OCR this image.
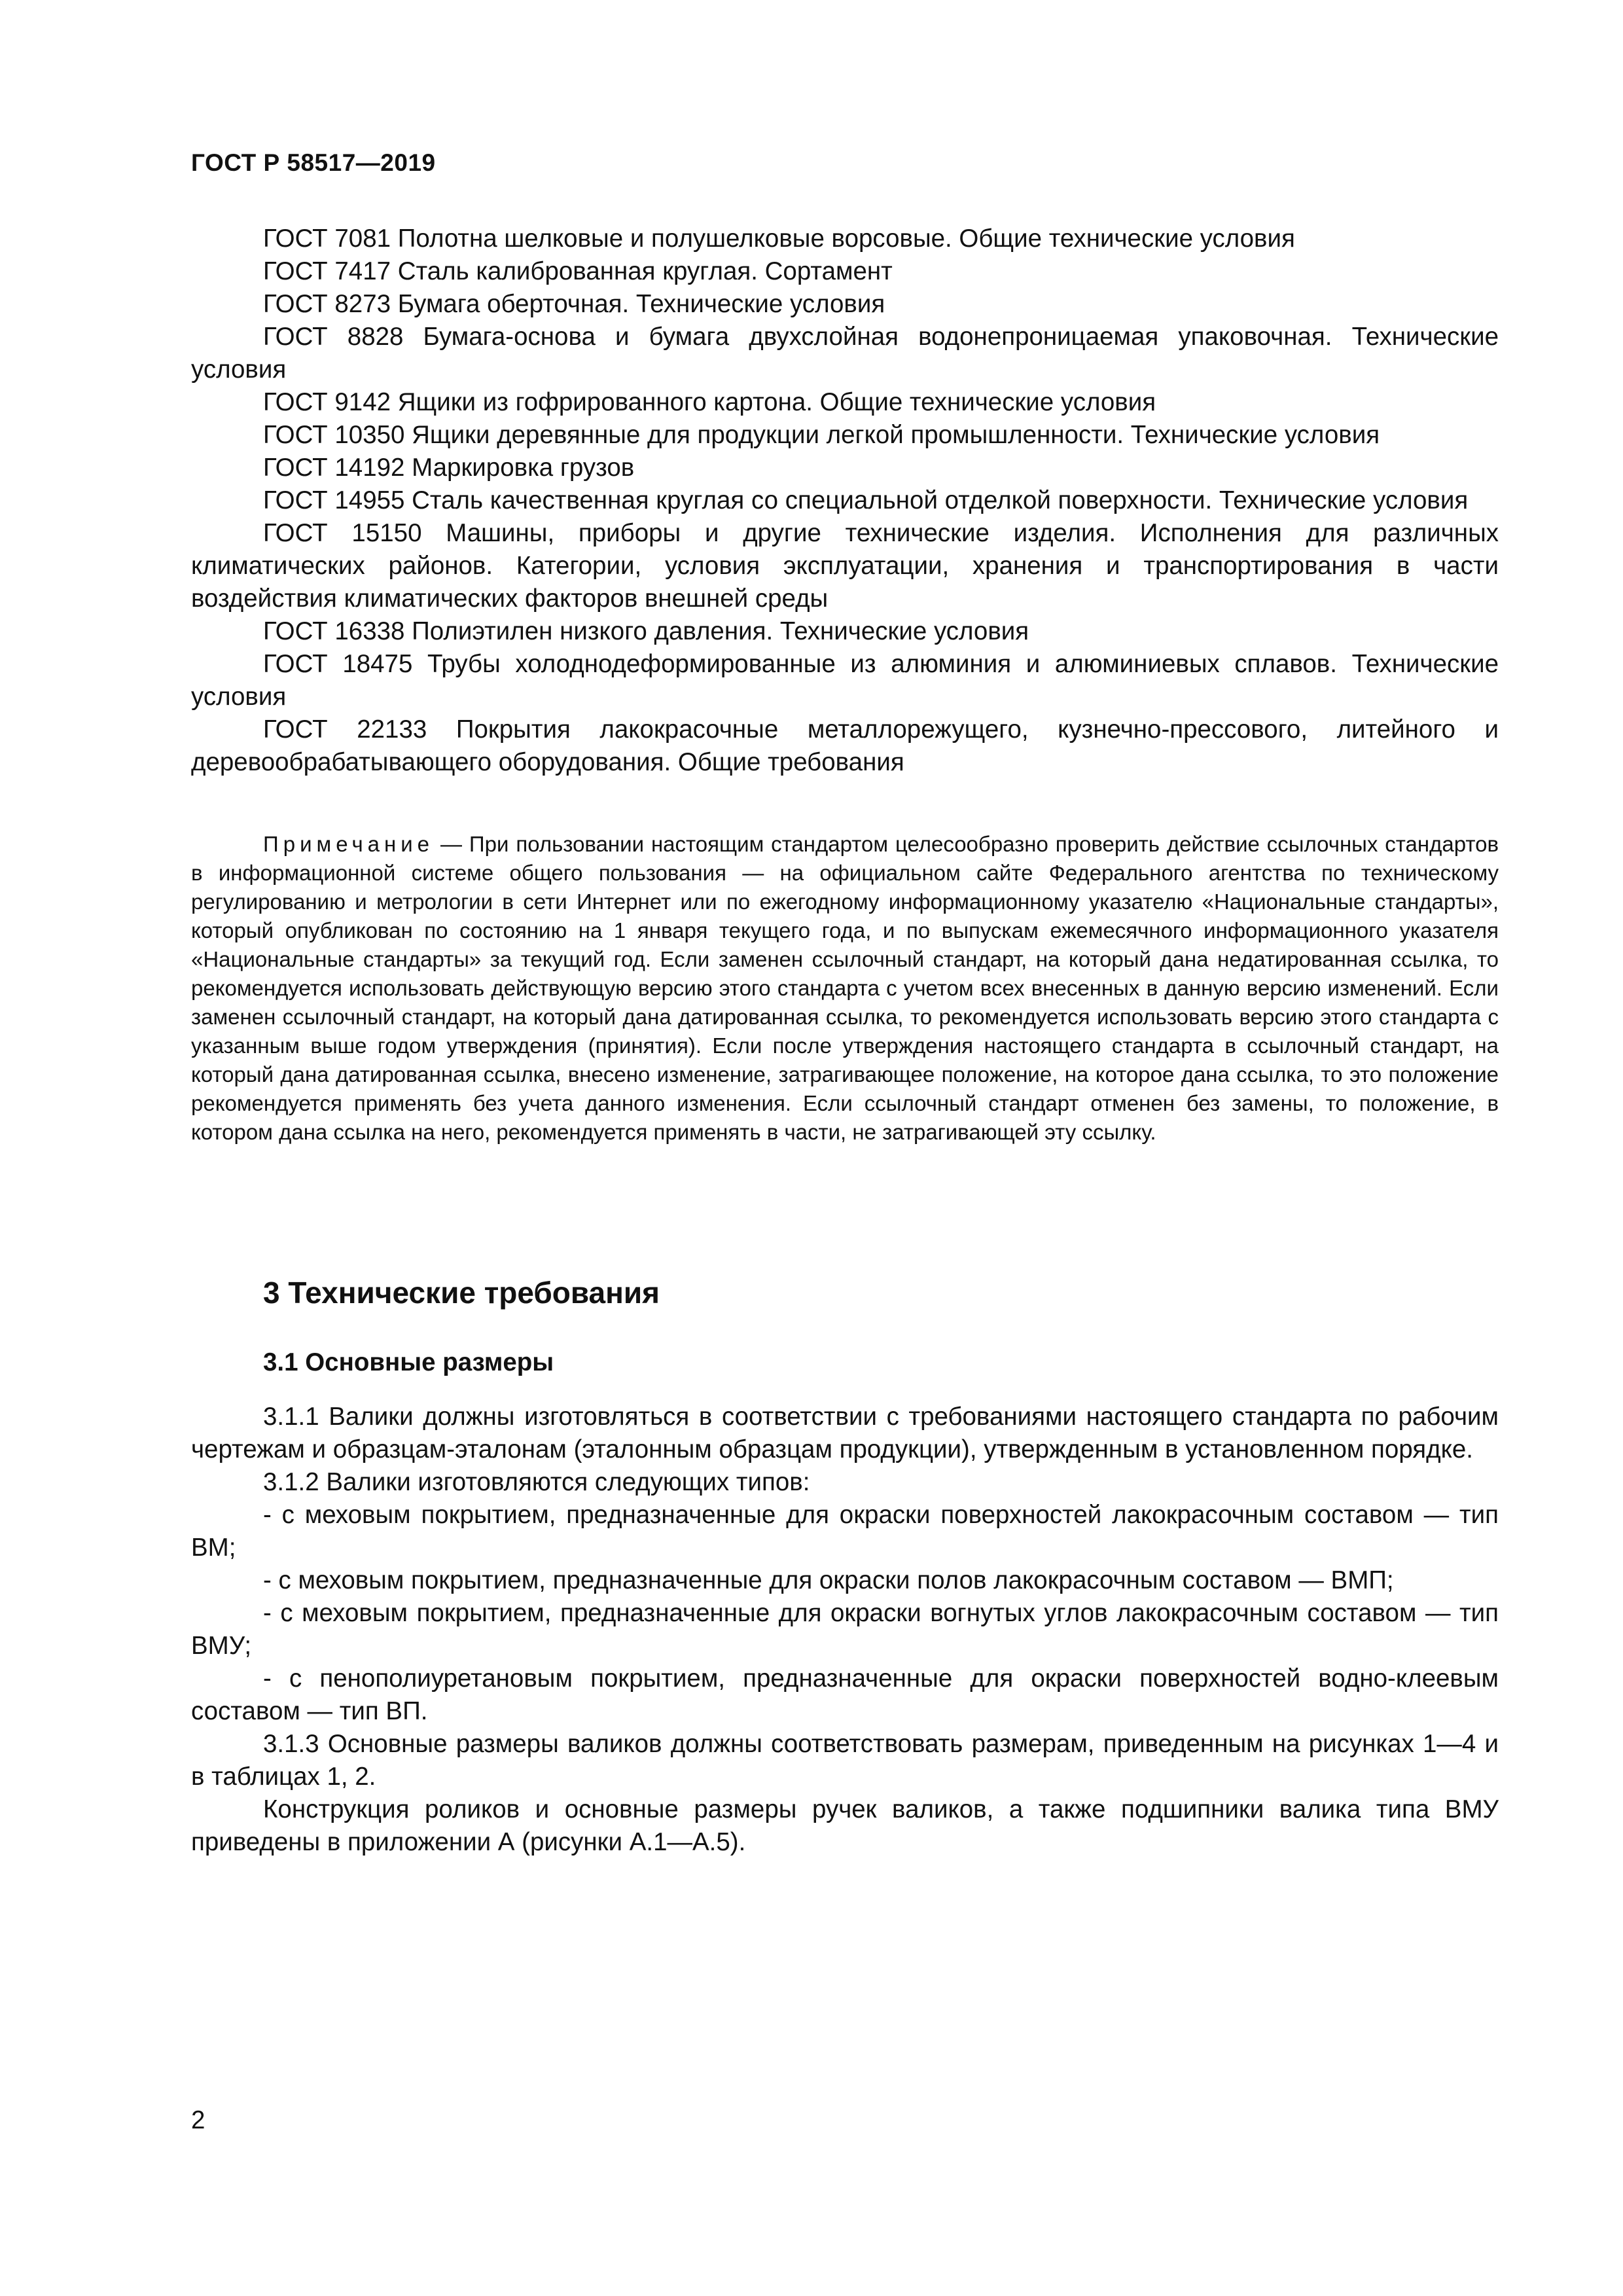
ГОСТ Р 58517—2019

ГОСТ 7081 Полотна шелковые и полушелковые ворсовые. Общие технические условия

ГОСТ 7417 Сталь калиброванная круглая. Сортамент

ГОСТ 8273 Бумага оберточная. Технические условия

ГОСТ 8828 Бумага-основа и бумага двухслойная водонепроницаемая упаковочная. Технические условия

ГОСТ 9142 Ящики из гофрированного картона. Общие технические условия

ГОСТ 10350 Ящики деревянные для продукции легкой промышленности. Технические условия

ГОСТ 14192 Маркировка грузов

ГОСТ 14955 Сталь качественная круглая со специальной отделкой поверхности. Технические условия

ГОСТ 15150 Машины, приборы и другие технические изделия. Исполнения для различных климатических районов. Категории, условия эксплуатации, хранения и транспортирования в части воздействия климатических факторов внешней среды

ГОСТ 16338 Полиэтилен низкого давления. Технические условия

ГОСТ 18475 Трубы холоднодеформированные из алюминия и алюминиевых сплавов. Технические условия

ГОСТ 22133 Покрытия лакокрасочные металлорежущего, кузнечно-прессового, литейного и деревообрабатывающего оборудования. Общие требования

Примечание — При пользовании настоящим стандартом целесообразно проверить действие ссылочных стандартов в информационной системе общего пользования — на официальном сайте Федерального агентства по техническому регулированию и метрологии в сети Интернет или по ежегодному информационному указателю «Национальные стандарты», который опубликован по состоянию на 1 января текущего года, и по выпускам ежемесячного информационного указателя «Национальные стандарты» за текущий год. Если заменен ссылочный стандарт, на который дана недатированная ссылка, то рекомендуется использовать действующую версию этого стандарта с учетом всех внесенных в данную версию изменений. Если заменен ссылочный стандарт, на который дана датированная ссылка, то рекомендуется использовать версию этого стандарта с указанным выше годом утверждения (принятия). Если после утверждения настоящего стандарта в ссылочный стандарт, на который дана датированная ссылка, внесено изменение, затрагивающее положение, на которое дана ссылка, то это положение рекомендуется применять без учета данного изменения. Если ссылочный стандарт отменен без замены, то положение, в котором дана ссылка на него, рекомендуется применять в части, не затрагивающей эту ссылку.

3 Технические требования
3.1 Основные размеры

3.1.1 Валики должны изготовляться в соответствии с требованиями настоящего стандарта по рабочим чертежам и образцам-эталонам (эталонным образцам продукции), утвержденным в установленном порядке.

3.1.2 Валики изготовляются следующих типов:

- с меховым покрытием, предназначенные для окраски поверхностей лакокрасочным составом — тип ВМ;

- с меховым покрытием, предназначенные для окраски полов лакокрасочным составом — ВМП;

- с меховым покрытием, предназначенные для окраски вогнутых углов лакокрасочным составом — тип ВМУ;

- с пенополиуретановым покрытием, предназначенные для окраски поверхностей водно-клеевым составом — тип ВП.

3.1.3 Основные размеры валиков должны соответствовать размерам, приведенным на рисунках 1—4 и в таблицах 1, 2.

Конструкция роликов и основные размеры ручек валиков, а также подшипники валика типа ВМУ приведены в приложении А (рисунки А.1—А.5).

2
